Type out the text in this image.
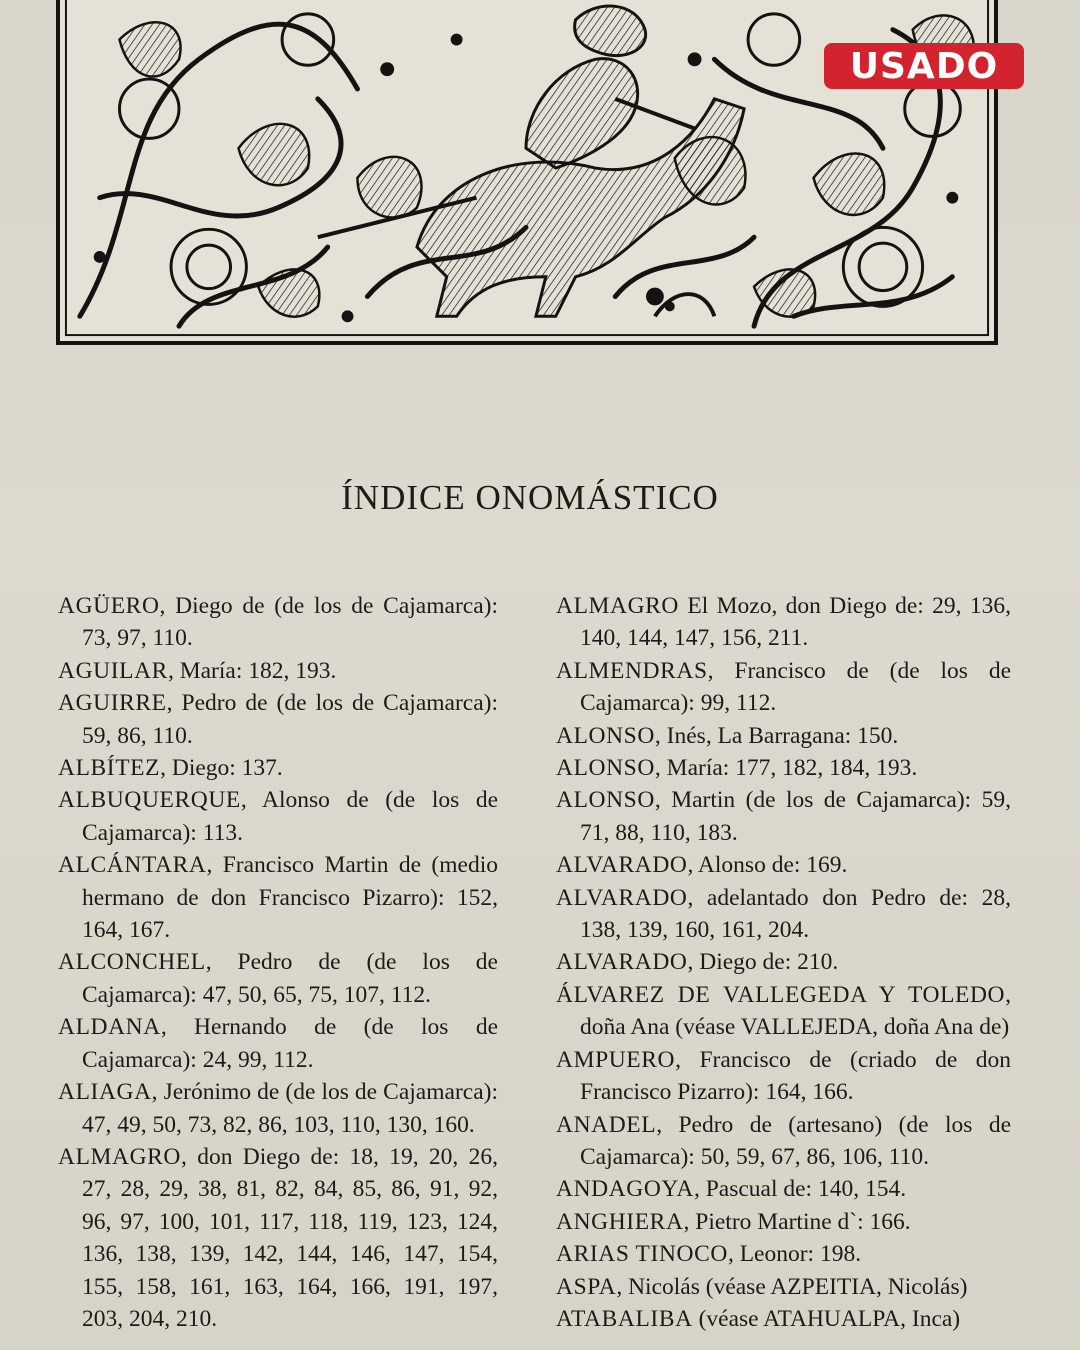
USADO
ÍNDICE ONOMÁSTICO
AGÜERO, Diego de (de los de Cajamarca): 73, 97, 110.
AGUILAR, María: 182, 193.
AGUIRRE, Pedro de (de los de Cajamarca): 59, 86, 110.
ALBÍTEZ, Diego: 137.
ALBUQUERQUE, Alonso de (de los de Cajamarca): 113.
ALCÁNTARA, Francisco Martin de (medio hermano de don Francisco Pizarro): 152, 164, 167.
ALCONCHEL, Pedro de (de los de Cajamarca): 47, 50, 65, 75, 107, 112.
ALDANA, Hernando de (de los de Cajamarca): 24, 99, 112.
ALIAGA, Jerónimo de (de los de Cajamarca): 47, 49, 50, 73, 82, 86, 103, 110, 130, 160.
ALMAGRO, don Diego de: 18, 19, 20, 26, 27, 28, 29, 38, 81, 82, 84, 85, 86, 91, 92, 96, 97, 100, 101, 117, 118, 119, 123, 124, 136, 138, 139, 142, 144, 146, 147, 154, 155, 158, 161, 163, 164, 166, 191, 197, 203, 204, 210.
ALMAGRO El Mozo, don Diego de: 29, 136, 140, 144, 147, 156, 211.
ALMENDRAS, Francisco de (de los de Cajamarca): 99, 112.
ALONSO, Inés, La Barragana: 150.
ALONSO, María: 177, 182, 184, 193.
ALONSO, Martin (de los de Cajamarca): 59, 71, 88, 110, 183.
ALVARADO, Alonso de: 169.
ALVARADO, adelantado don Pedro de: 28, 138, 139, 160, 161, 204.
ALVARADO, Diego de: 210.
ÁLVAREZ DE VALLEGEDA Y TOLEDO, doña Ana (véase VALLEJEDA, doña Ana de)
AMPUERO, Francisco de (criado de don Francisco Pizarro): 164, 166.
ANADEL, Pedro de (artesano) (de los de Cajamarca): 50, 59, 67, 86, 106, 110.
ANDAGOYA, Pascual de: 140, 154.
ANGHIERA, Pietro Martine d`: 166.
ARIAS TINOCO, Leonor: 198.
ASPA, Nicolás (véase AZPEITIA, Nicolás)
ATABALIBA (véase ATAHUALPA, Inca)
